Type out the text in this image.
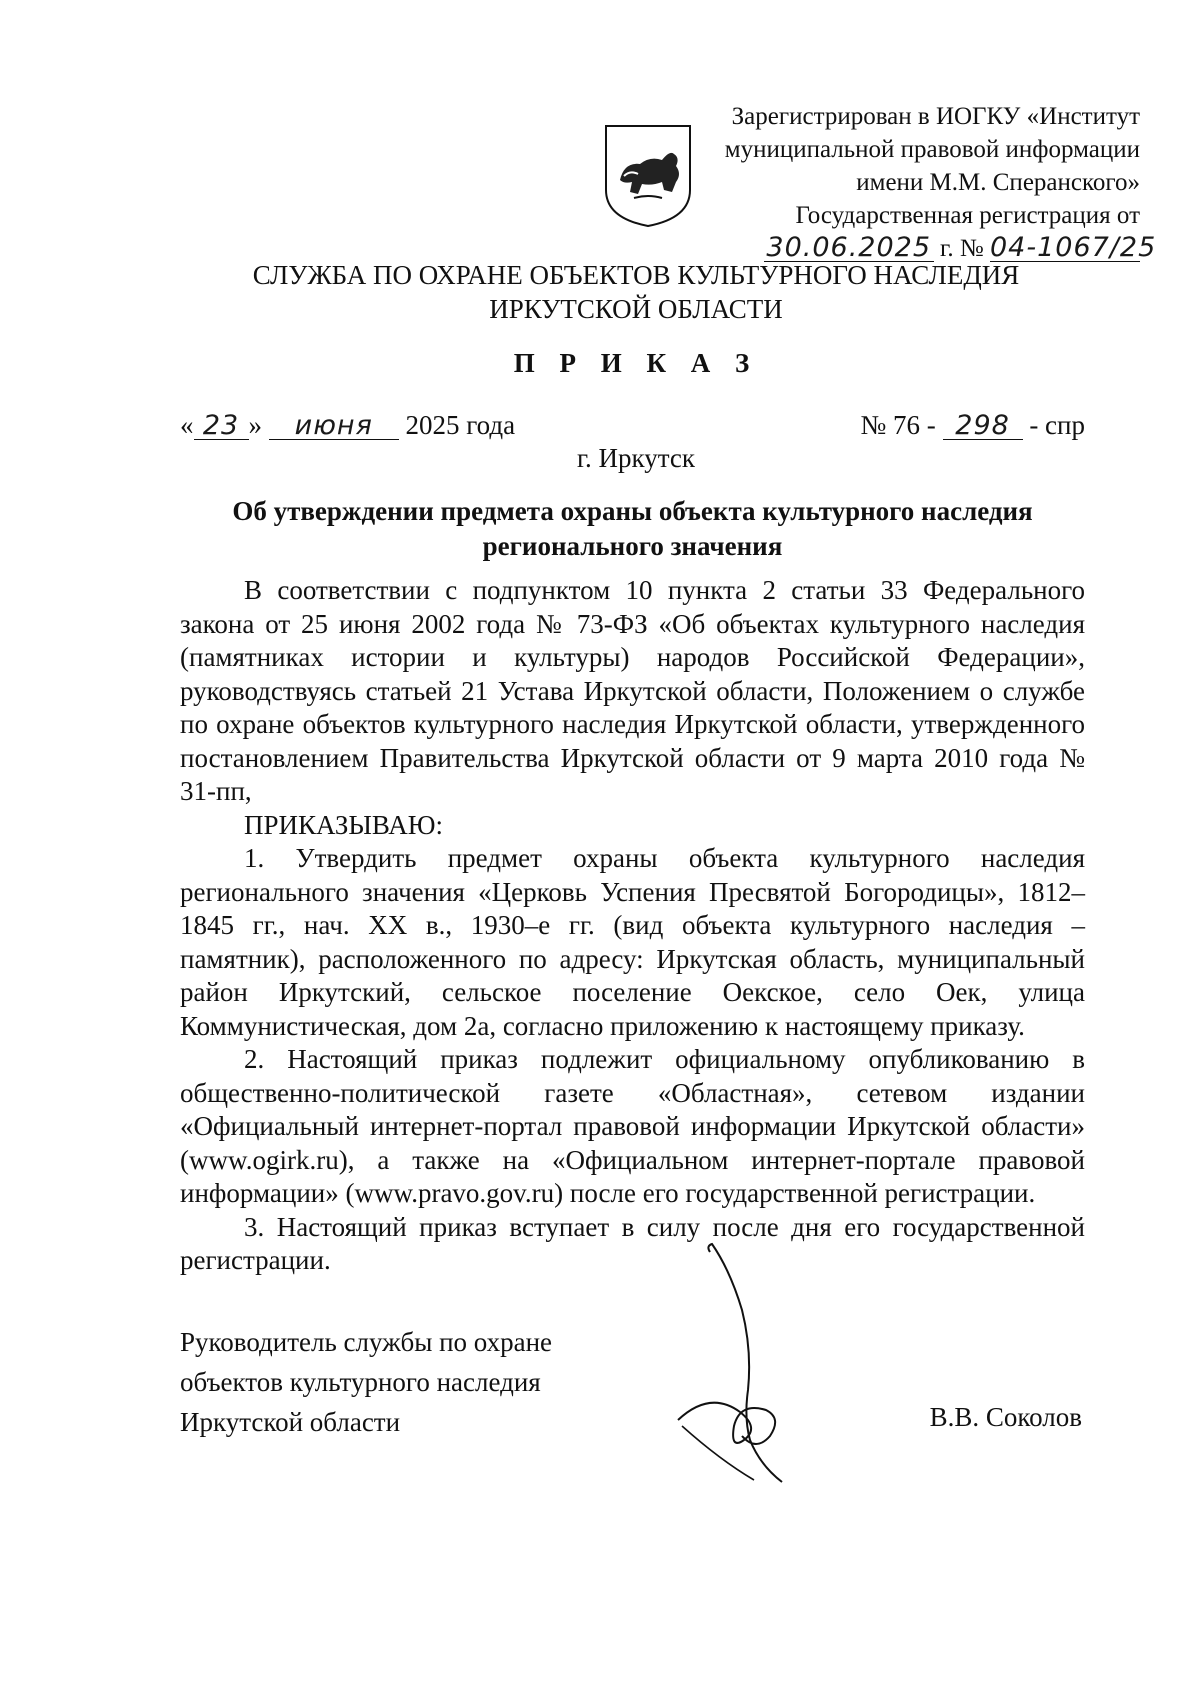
Зарегистрирован в ИОГКУ «Институт
муниципальной правовой информации
имени М.М. Сперанского»
Государственная регистрация от
30.06.2025 г. № 04-1067/25
СЛУЖБА ПО ОХРАНЕ ОБЪЕКТОВ КУЛЬТУРНОГО НАСЛЕДИЯ
ИРКУТСКОЙ ОБЛАСТИ
П Р И К А З
« 23 » июня 2025 года	№ 76 - 298 - спр
г. Иркутск
Об утверждении предмета охраны объекта культурного наследия
регионального значения

В соответствии с подпунктом 10 пункта 2 статьи 33 Федерального закона от 25 июня 2002 года № 73-ФЗ «Об объектах культурного наследия (памятниках истории и культуры) народов Российской Федерации», руководствуясь статьей 21 Устава Иркутской области, Положением о службе по охране объектов культурного наследия Иркутской области, утвержденного постановлением Правительства Иркутской области от 9 марта 2010 года № 31-пп,

ПРИКАЗЫВАЮ:

1. Утвердить предмет охраны объекта культурного наследия регионального значения «Церковь Успения Пресвятой Богородицы», 1812–1845 гг., нач. XX в., 1930–е гг. (вид объекта культурного наследия – памятник), расположенного по адресу: Иркутская область, муниципальный район Иркутский, сельское поселение Оекское, село Оек, улица Коммунистическая, дом 2а, согласно приложению к настоящему приказу.

2. Настоящий приказ подлежит официальному опубликованию в общественно-политической газете «Областная», сетевом издании «Официальный интернет-портал правовой информации Иркутской области» (www.ogirk.ru), а также на «Официальном интернет-портале правовой информации» (www.pravo.gov.ru) после его государственной регистрации.

3. Настоящий приказ вступает в силу после дня его государственной регистрации.

Руководитель службы по охране
объектов культурного наследия
Иркутской области	В.В. Соколов
